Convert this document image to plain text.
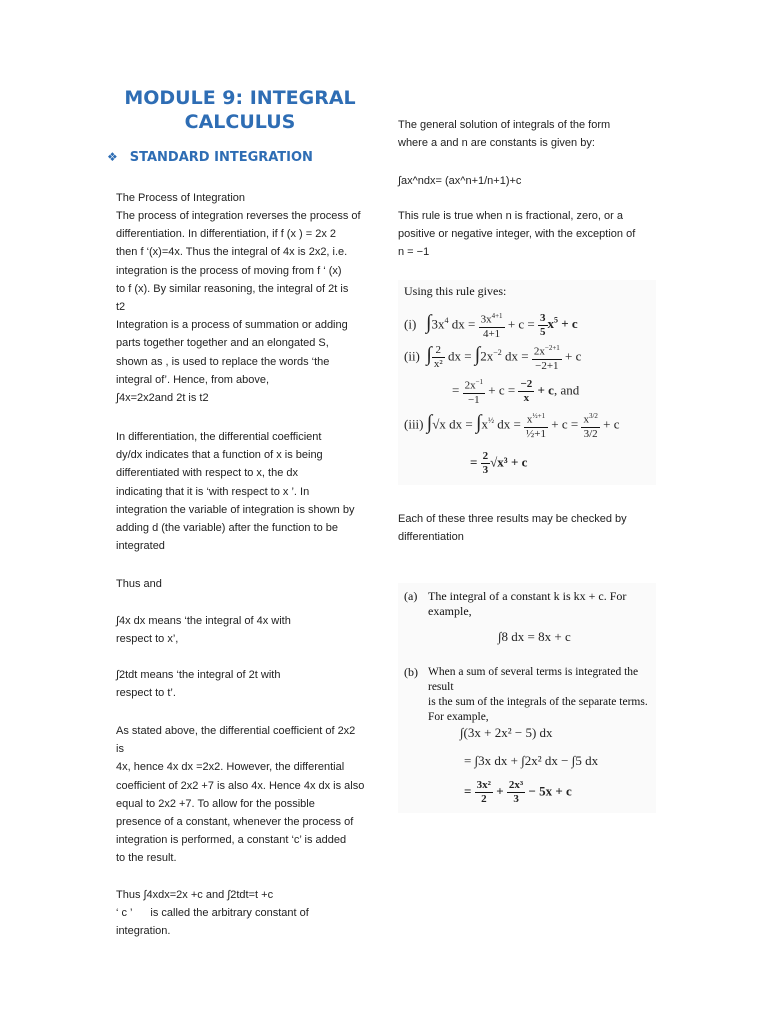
MODULE 9: INTEGRAL
CALCULUS
❖ STANDARD INTEGRATION
The Process of Integration
The process of integration reverses the process of
differentiation. In differentiation, if f (x ) = 2x 2
then f ‘(x)=4x. Thus the integral of 4x is 2x2, i.e.
integration is the process of moving from f ‘ (x)
to f (x). By similar reasoning, the integral of 2t is
t2
Integration is a process of summation or adding
parts together together and an elongated S,
shown as , is used to replace the words ‘the
integral of’. Hence, from above,
∫4x=2x2and 2t is t2
In differentiation, the differential coefficient
dy/dx indicates that a function of x is being
differentiated with respect to x, the dx
indicating that it is ‘with respect to x ’. In
integration the variable of integration is shown by
adding d (the variable) after the function to be
integrated
Thus and
∫4x dx means ‘the integral of 4x with
respect to x’,
∫2tdt means ‘the integral of 2t with
respect to t’.
As stated above, the differential coefficient of 2x2
is
4x, hence 4x dx =2x2. However, the differential
coefficient of 2x2 +7 is also 4x. Hence 4x dx is also
equal to 2x2 +7. To allow for the possible
presence of a constant, whenever the process of
integration is performed, a constant ‘c’ is added
to the result.
Thus ∫4xdx=2x +c and ∫2tdt=t +c
‘ c ’      is called the arbitrary constant of
integration.
The general solution of integrals of the form
where a and n are constants is given by:
∫ax^ndx= (ax^n+1/n+1)+c
This rule is true when n is fractional, zero, or a
positive or negative integer, with the exception of
n = −1
Using this rule gives:
(i)   $\int 3x^4$ dx = $\frac{3x^{4+1}}{4+1} + c = \frac{3}{5} x^5 + c$
(ii)  ∫ $\frac{2}{\text{x²}}$ dx = $\int 2x^{-2}$ dx = $\frac{2x^{-2+1}}{-2+1} + c$
= $\frac{2x^{-1}}{-1} + c = \frac{-2}{x} + c$, and
(iii) ∫√x dx = $\int x^{\frac{1}{2}}$ dx = $\frac{x^{\frac{1}{2}+1}}{\text{½+1}} + c = \frac{x^{3/2}}{3/2} + c$
= $\frac{2}{3} √x^3 + c$
Each of these three results may be checked by
differentiation
(a) The integral of a constant k is kx + c. For
example,
∫8 dx = 8x + c
(b) When a sum of several terms is integrated the result
is the sum of the integrals of the separate terms.
For example,
∫(3x + 2x² − 5) dx
= ∫3x dx + ∫2x² dx − ∫5 dx
= $\frac{\text{3x²}}{2} + \frac{\text{2x³}}{3} - 5x + c$
